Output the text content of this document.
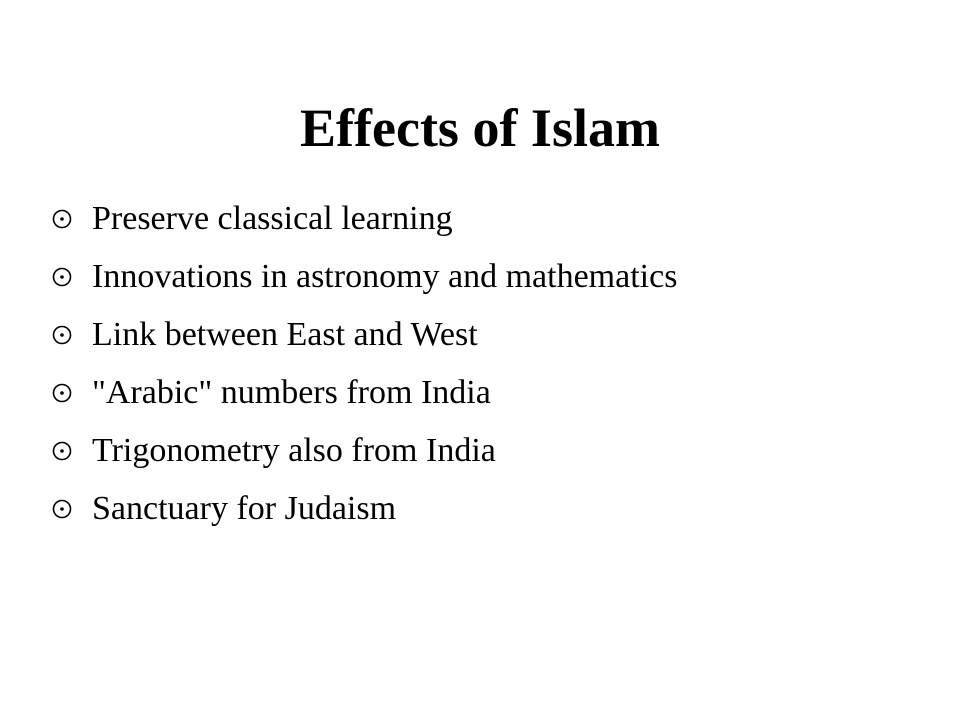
Effects of Islam
Preserve classical learning
Innovations in astronomy and mathematics
Link between East and West
"Arabic" numbers from India
Trigonometry also from India
Sanctuary for Judaism
